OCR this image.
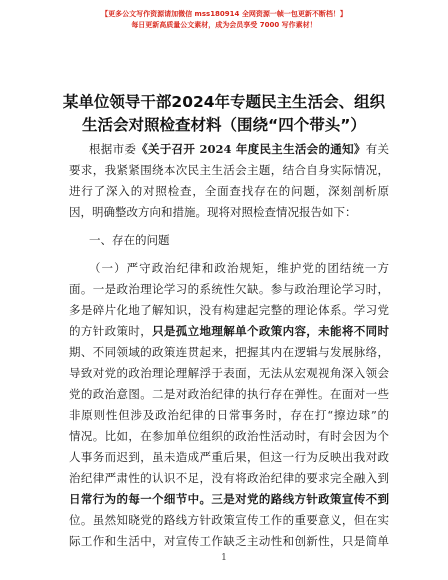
【更多公文写作资源请加微信 mss180914 全网资源一帧一包更新不断档！】
每日更新高质量公文素材，成为会员享受 7000 写作素材！
某单位领导干部2024年专题民主生活会、组织
生活会对照检查材料（围绕“四个带头”）
根据市委《关于召开 2024 年度民主生活会的通知》有关
要求，我紧紧围绕本次民主生活会主题，结合自身实际情况，
进行了深入的对照检查，全面查找存在的问题，深刻剖析原
因，明确整改方向和措施。现将对照检查情况报告如下：
一、存在的问题
（一）严守政治纪律和政治规矩，维护党的团结统一方
面。一是政治理论学习的系统性欠缺。参与政治理论学习时，
多是碎片化地了解知识，没有构建起完整的理论体系。学习党
的方针政策时，只是孤立地理解单个政策内容，未能将不同时
期、不同领域的政策连贯起来，把握其内在逻辑与发展脉络，
导致对党的政治理论理解浮于表面，无法从宏观视角深入领会
党的政治意图。二是对政治纪律的执行存在弹性。在面对一些
非原则性但涉及政治纪律的日常事务时，存在打“擦边球”的
情况。比如，在参加单位组织的政治性活动时，有时会因为个
人事务而迟到，虽未造成严重后果，但这一行为反映出我对政
治纪律严肃性的认识不足，没有将政治纪律的要求完全融入到
日常行为的每一个细节中。三是对党的路线方针政策宣传不到
位。虽然知晓党的路线方针政策宣传工作的重要意义，但在实
际工作和生活中，对宣传工作缺乏主动性和创新性，只是简单
1
